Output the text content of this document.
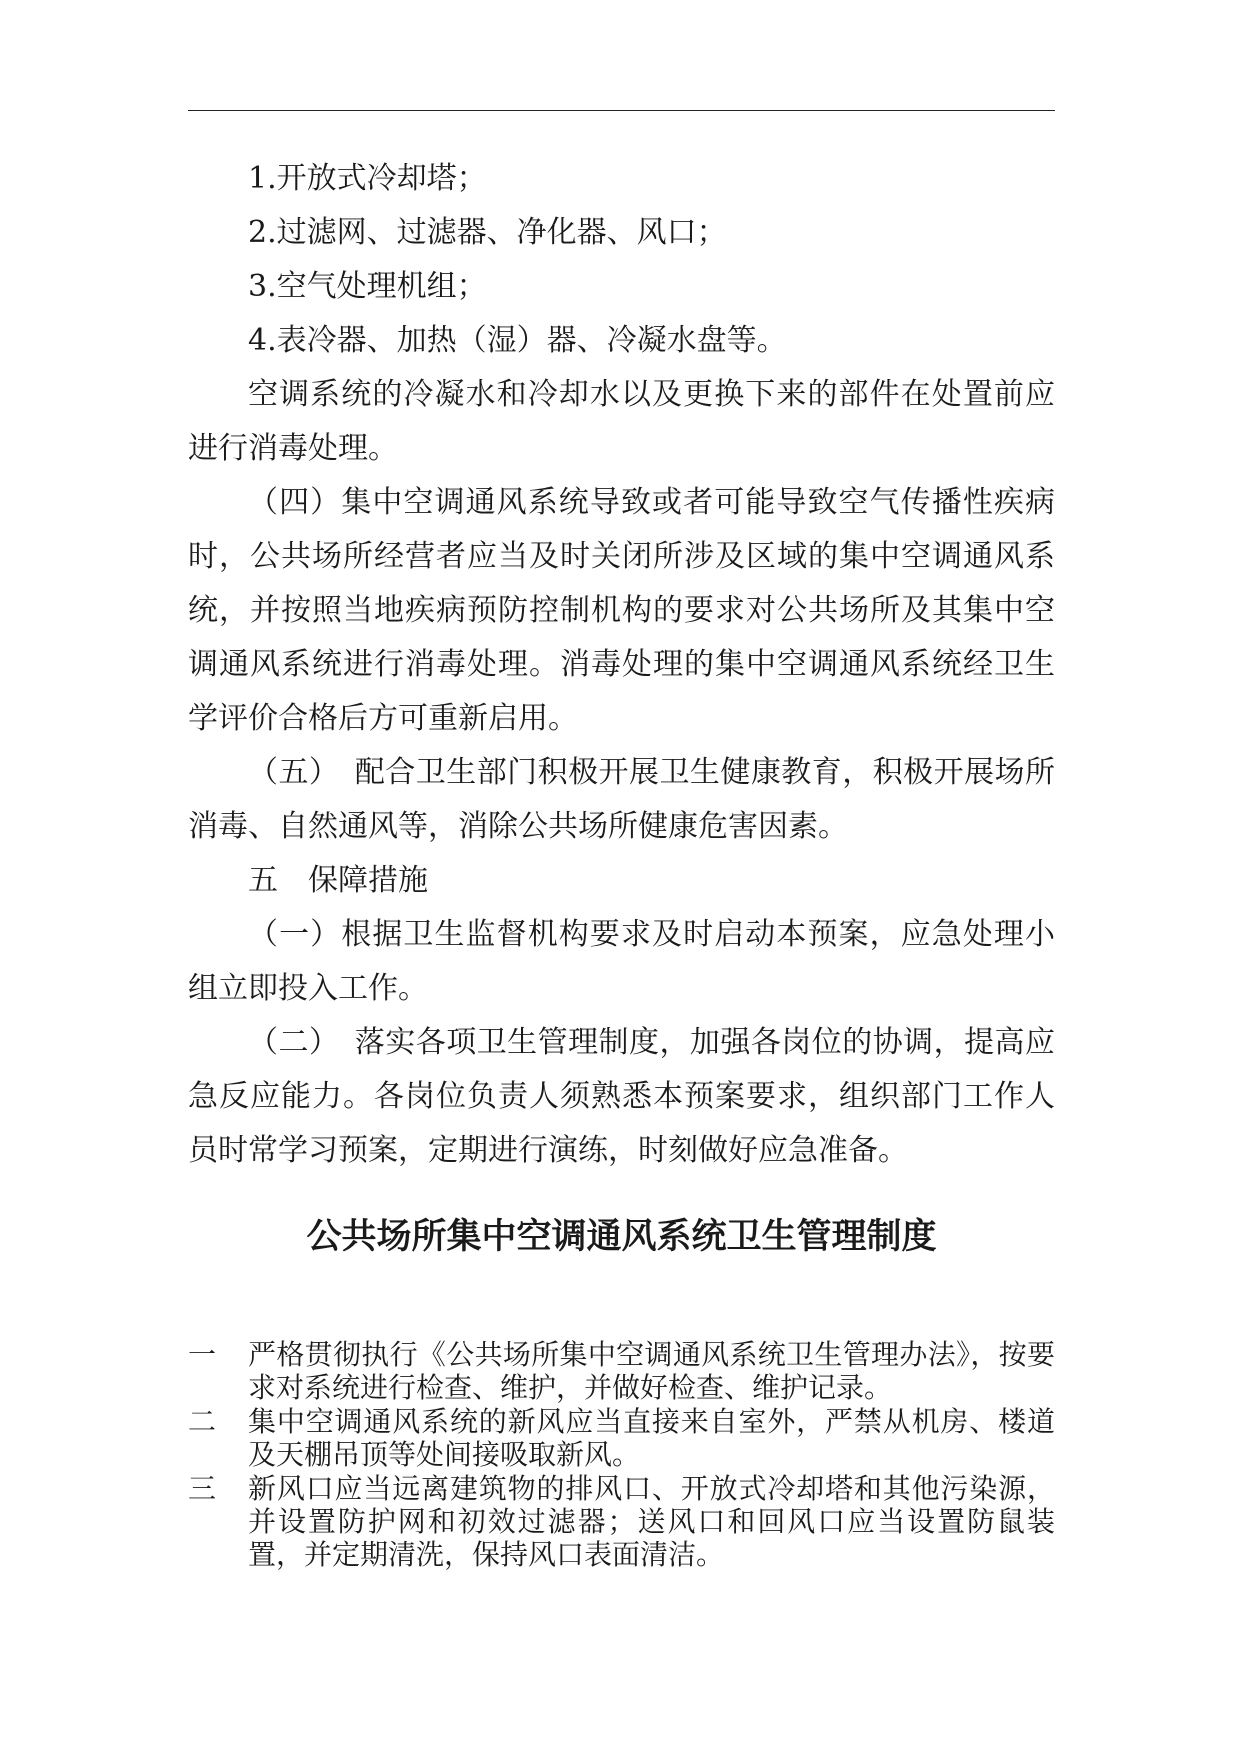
1.开放式冷却塔；

2.过滤网、过滤器、净化器、风口；

3.空气处理机组；

4.表冷器、加热（湿）器、冷凝水盘等。

空调系统的冷凝水和冷却水以及更换下来的部件在处置前应进行消毒处理。

（四）集中空调通风系统导致或者可能导致空气传播性疾病时，公共场所经营者应当及时关闭所涉及区域的集中空调通风系统，并按照当地疾病预防控制机构的要求对公共场所及其集中空调通风系统进行消毒处理。消毒处理的集中空调通风系统经卫生学评价合格后方可重新启用。

（五）　配合卫生部门积极开展卫生健康教育，积极开展场所消毒、自然通风等，消除公共场所健康危害因素。

五　保障措施

（一）根据卫生监督机构要求及时启动本预案，应急处理小组立即投入工作。

（二）　落实各项卫生管理制度，加强各岗位的协调，提高应急反应能力。各岗位负责人须熟悉本预案要求，组织部门工作人员时常学习预案，定期进行演练，时刻做好应急准备。

公共场所集中空调通风系统卫生管理制度
一	严格贯彻执行《公共场所集中空调通风系统卫生管理办法》，按要求对系统进行检查、维护，并做好检查、维护记录。
二	集中空调通风系统的新风应当直接来自室外，严禁从机房、楼道及天棚吊顶等处间接吸取新风。
三	新风口应当远离建筑物的排风口、开放式冷却塔和其他污染源，并设置防护网和初效过滤器；送风口和回风口应当设置防鼠装置，并定期清洗，保持风口表面清洁。
